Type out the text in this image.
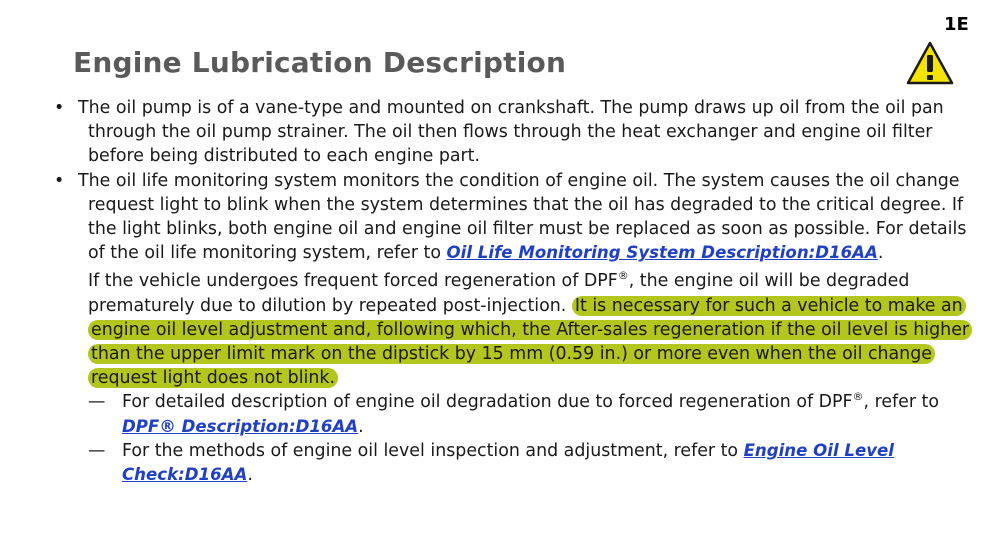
1E
Engine Lubrication Description
• The oil pump is of a vane-type and mounted on crankshaft. The pump draws up oil from the oil pan through the oil pump strainer. The oil then flows through the heat exchanger and engine oil filter before being distributed to each engine part.
• The oil life monitoring system monitors the condition of engine oil. The system causes the oil change request light to blink when the system determines that the oil has degraded to the critical degree. If the light blinks, both engine oil and engine oil filter must be replaced as soon as possible. For details of the oil life monitoring system, refer to Oil Life Monitoring System Description:D16AA.
If the vehicle undergoes frequent forced regeneration of DPF®, the engine oil will be degraded prematurely due to dilution by repeated post-injection. It is necessary for such a vehicle to make an engine oil level adjustment and, following which, the After-sales regeneration if the oil level is higher than the upper limit mark on the dipstick by 15 mm (0.59 in.) or more even when the oil change request light does not blink.
— For detailed description of engine oil degradation due to forced regeneration of DPF®, refer to DPF® Description:D16AA.
— For the methods of engine oil level inspection and adjustment, refer to Engine Oil Level Check:D16AA.
